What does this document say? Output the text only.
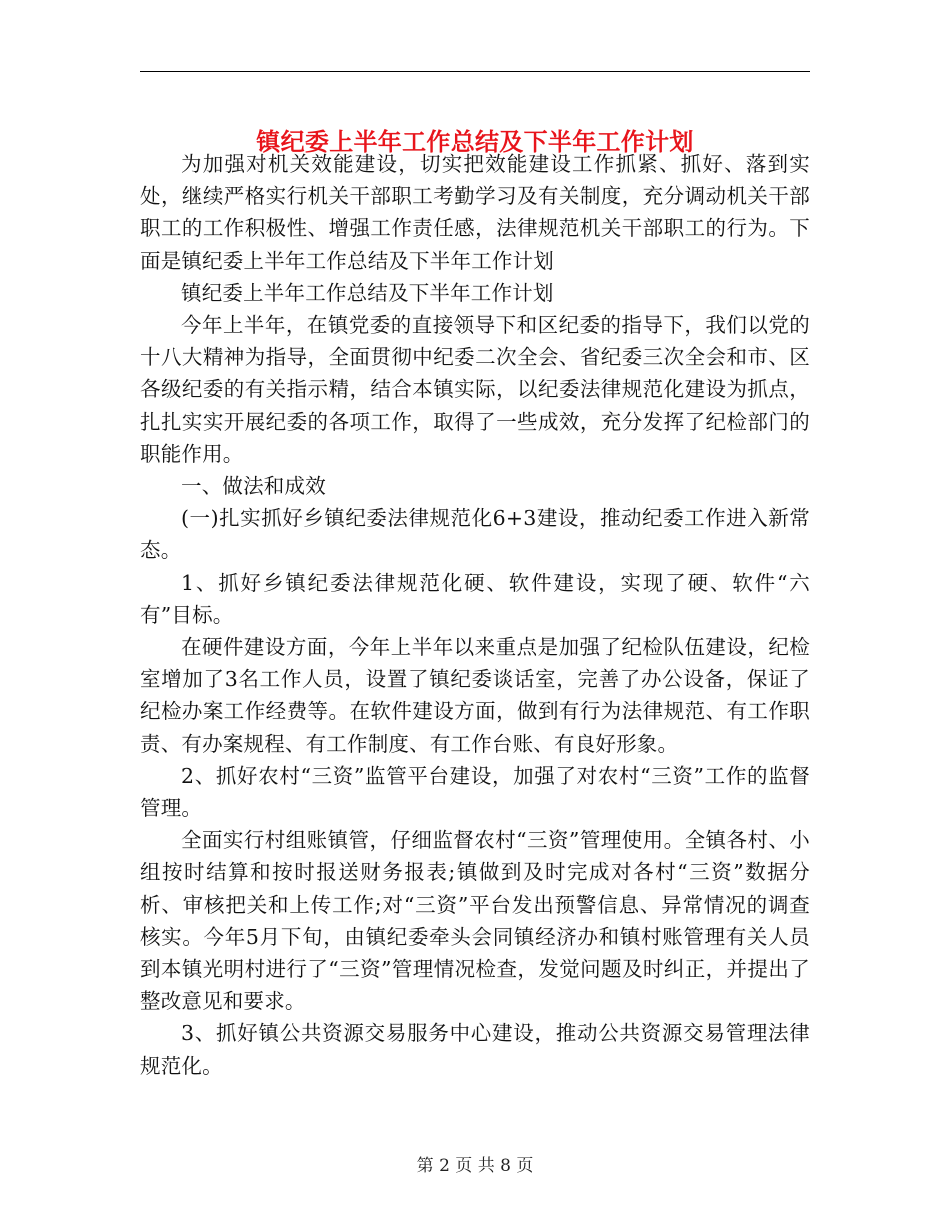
镇纪委上半年工作总结及下半年工作计划

为加强对机关效能建设，切实把效能建设工作抓紧、抓好、落到实处，继续严格实行机关干部职工考勤学习及有关制度，充分调动机关干部职工的工作积极性、增强工作责任感，法律规范机关干部职工的行为。下面是镇纪委上半年工作总结及下半年工作计划

镇纪委上半年工作总结及下半年工作计划

今年上半年，在镇党委的直接领导下和区纪委的指导下，我们以党的十八大精神为指导，全面贯彻中纪委二次全会、省纪委三次全会和市、区各级纪委的有关指示精，结合本镇实际，以纪委法律规范化建设为抓点，扎扎实实开展纪委的各项工作，取得了一些成效，充分发挥了纪检部门的职能作用。

一、做法和成效

(一)扎实抓好乡镇纪委法律规范化6+3建设，推动纪委工作进入新常态。

1、抓好乡镇纪委法律规范化硬、软件建设，实现了硬、软件“六有”目标。

在硬件建设方面，今年上半年以来重点是加强了纪检队伍建设，纪检室增加了3名工作人员，设置了镇纪委谈话室，完善了办公设备，保证了纪检办案工作经费等。在软件建设方面，做到有行为法律规范、有工作职责、有办案规程、有工作制度、有工作台账、有良好形象。

2、抓好农村“三资”监管平台建设，加强了对农村“三资”工作的监督管理。

全面实行村组账镇管，仔细监督农村“三资”管理使用。全镇各村、小组按时结算和按时报送财务报表;镇做到及时完成对各村“三资”数据分析、审核把关和上传工作;对“三资”平台发出预警信息、异常情况的调查核实。今年5月下旬，由镇纪委牵头会同镇经济办和镇村账管理有关人员到本镇光明村进行了“三资”管理情况检查，发觉问题及时纠正，并提出了整改意见和要求。

3、抓好镇公共资源交易服务中心建设，推动公共资源交易管理法律规范化。

第 2 页 共 8 页
